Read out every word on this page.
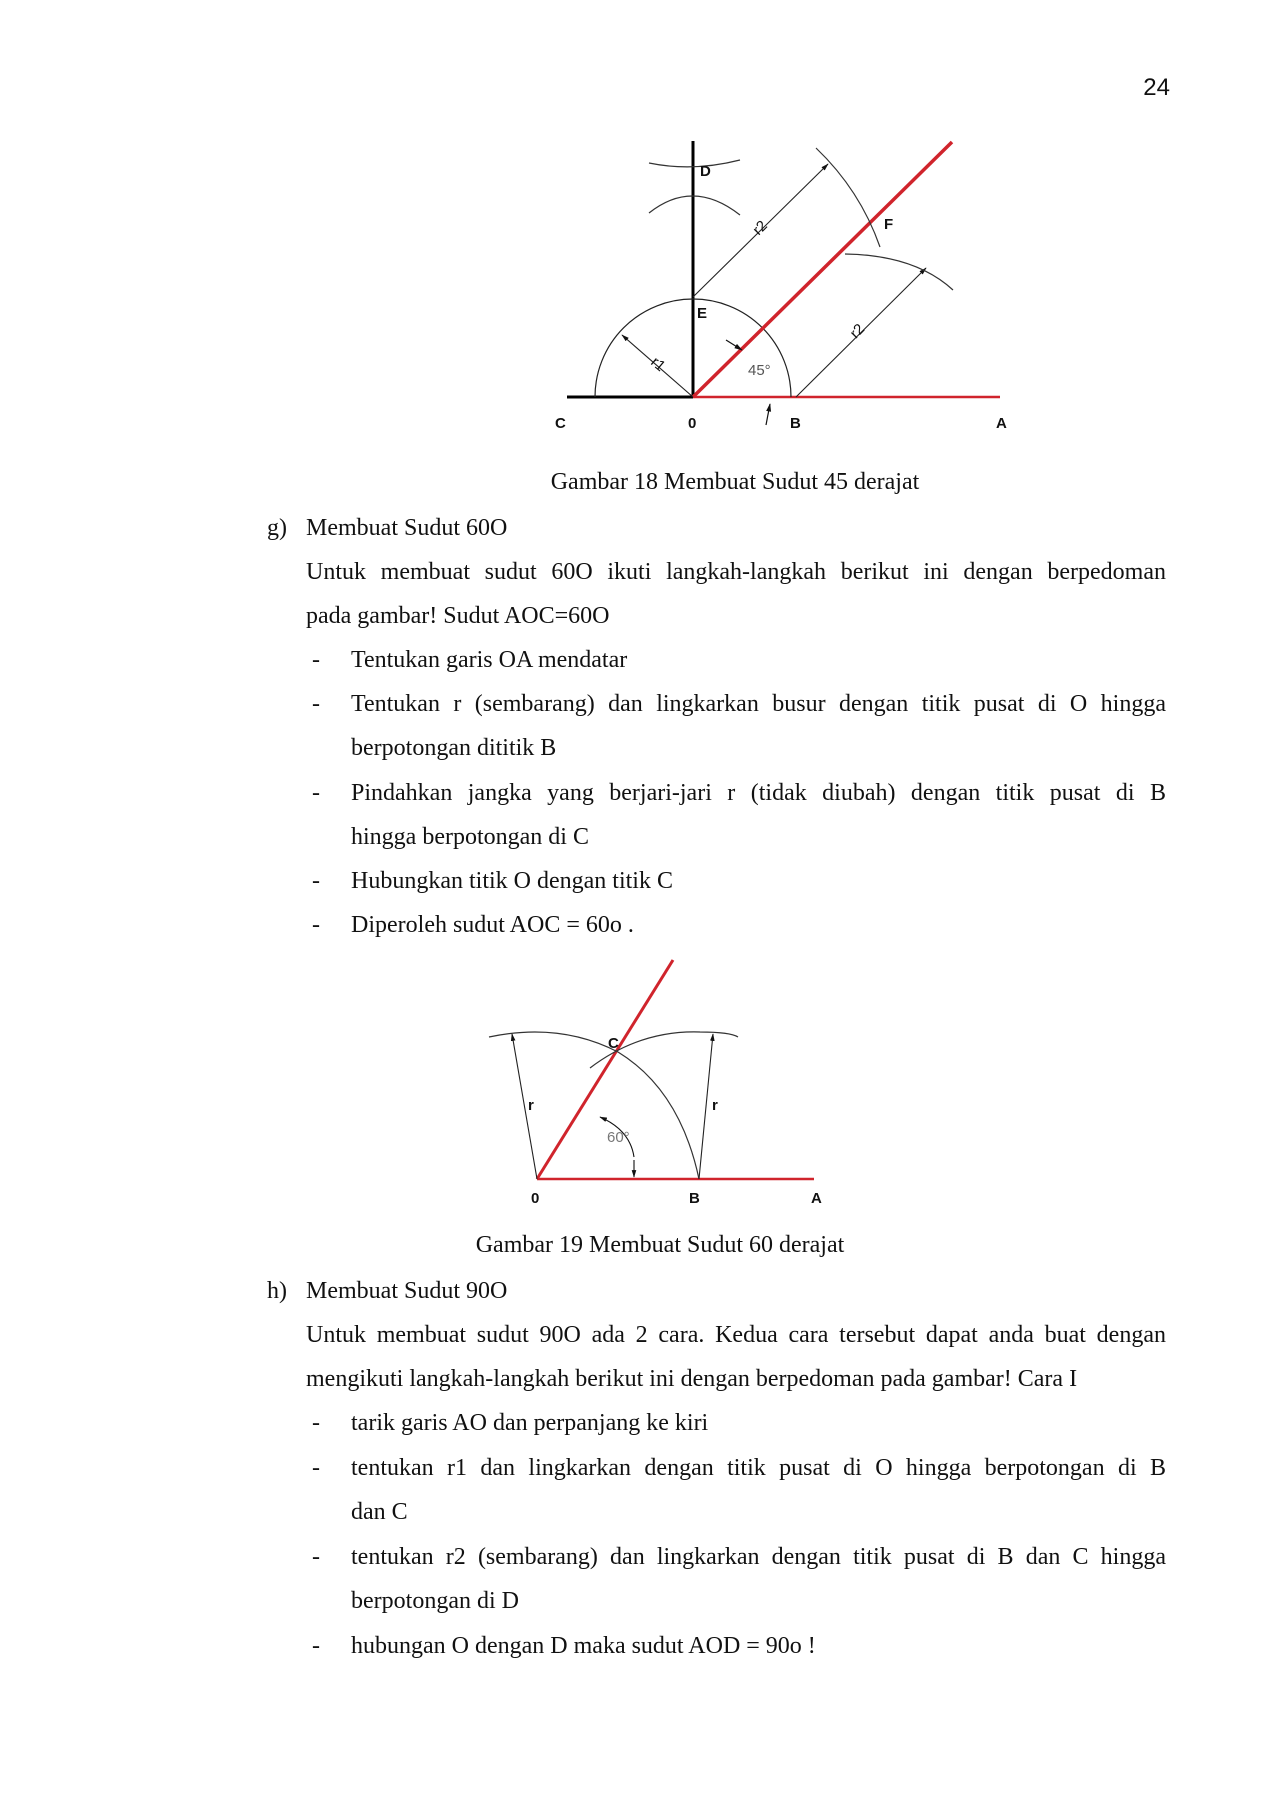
24
C	0	B	A
D
E
F
r1
r2
r2
45°
Gambar 18 Membuat Sudut 45 derajat
g) Membuat Sudut 60O
Untuk membuat sudut 60O ikuti langkah-langkah berikut ini dengan berpedoman
pada gambar! Sudut AOC=60O
- Tentukan garis OA mendatar
- Tentukan r (sembarang) dan lingkarkan busur dengan titik pusat di O hingga
berpotongan dititik B
- Pindahkan jangka yang berjari-jari r (tidak diubah) dengan titik pusat di B
hingga berpotongan di C
- Hubungkan titik O dengan titik C
- Diperoleh sudut AOC = 60o .
0	B	A
C
r	r
60°
Gambar 19 Membuat Sudut 60 derajat
h) Membuat Sudut 90O
Untuk membuat sudut 90O ada 2 cara. Kedua cara tersebut dapat anda buat dengan
mengikuti langkah-langkah berikut ini dengan berpedoman pada gambar! Cara I
- tarik garis AO dan perpanjang ke kiri
- tentukan r1 dan lingkarkan dengan titik pusat di O hingga berpotongan di B
dan C
- tentukan r2 (sembarang) dan lingkarkan dengan titik pusat di B dan C hingga
berpotongan di D
- hubungan O dengan D maka sudut AOD = 90o !
